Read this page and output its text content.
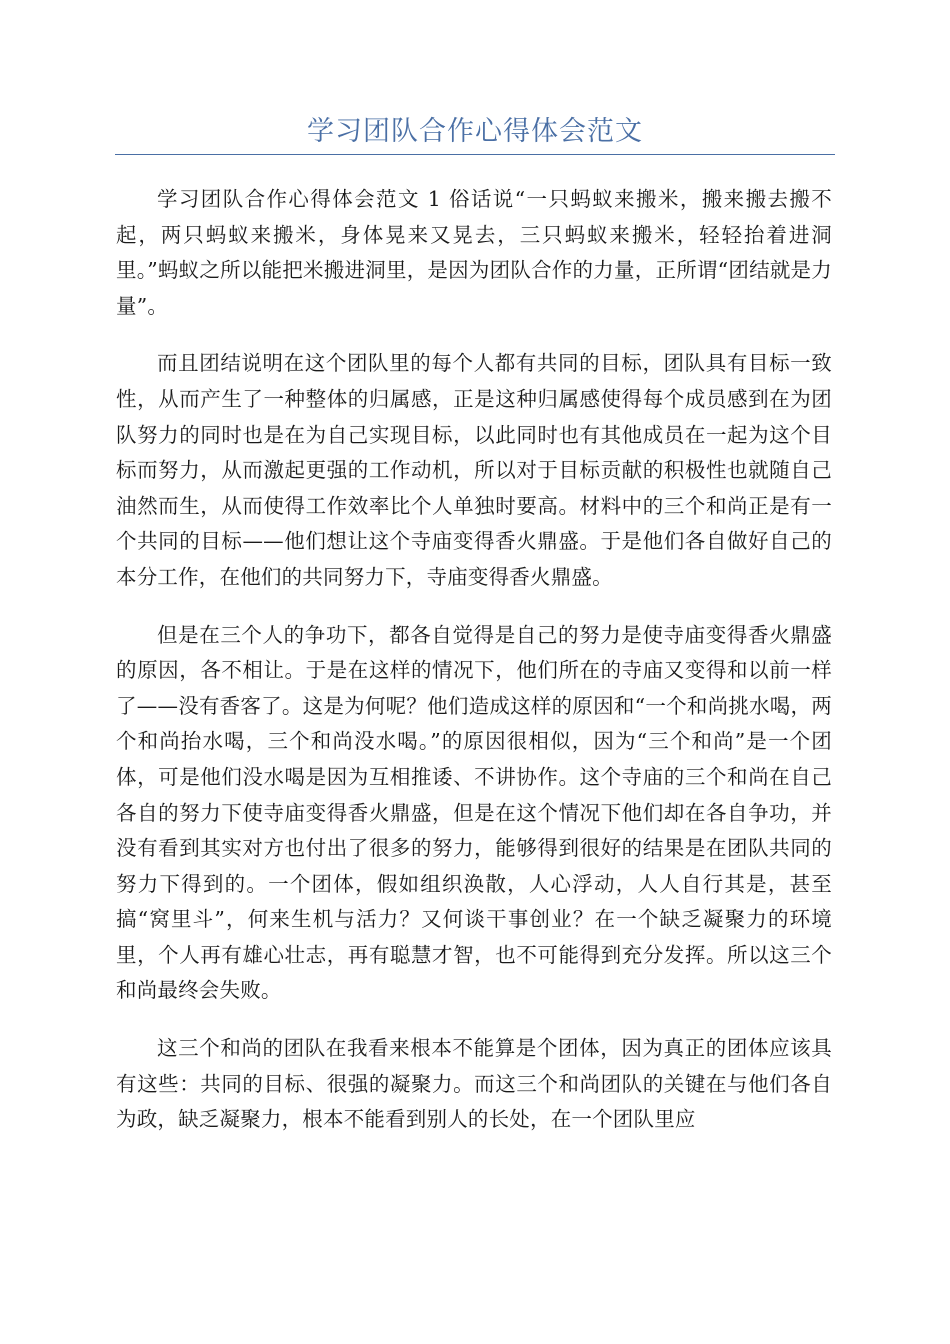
学习团队合作心得体会范文

学习团队合作心得体会范文 1 俗话说“一只蚂蚁来搬米，搬来搬去搬不起，两只蚂蚁来搬米，身体晃来又晃去，三只蚂蚁来搬米，轻轻抬着进洞里。”蚂蚁之所以能把米搬进洞里，是因为团队合作的力量，正所谓“团结就是力量”。

而且团结说明在这个团队里的每个人都有共同的目标，团队具有目标一致性，从而产生了一种整体的归属感，正是这种归属感使得每个成员感到在为团队努力的同时也是在为自己实现目标，以此同时也有其他成员在一起为这个目标而努力，从而激起更强的工作动机，所以对于目标贡献的积极性也就随自己油然而生，从而使得工作效率比个人单独时要高。材料中的三个和尚正是有一个共同的目标——他们想让这个寺庙变得香火鼎盛。于是他们各自做好自己的本分工作，在他们的共同努力下，寺庙变得香火鼎盛。

但是在三个人的争功下，都各自觉得是自己的努力是使寺庙变得香火鼎盛的原因，各不相让。于是在这样的情况下，他们所在的寺庙又变得和以前一样了——没有香客了。这是为何呢？他们造成这样的原因和“一个和尚挑水喝，两个和尚抬水喝，三个和尚没水喝。”的原因很相似，因为“三个和尚”是一个团体，可是他们没水喝是因为互相推诿、不讲协作。这个寺庙的三个和尚在自己各自的努力下使寺庙变得香火鼎盛，但是在这个情况下他们却在各自争功，并没有看到其实对方也付出了很多的努力，能够得到很好的结果是在团队共同的努力下得到的。一个团体，假如组织涣散，人心浮动，人人自行其是，甚至搞“窝里斗”，何来生机与活力？又何谈干事创业？在一个缺乏凝聚力的环境里，个人再有雄心壮志，再有聪慧才智，也不可能得到充分发挥。所以这三个和尚最终会失败。

这三个和尚的团队在我看来根本不能算是个团体，因为真正的团体应该具有这些：共同的目标、很强的凝聚力。而这三个和尚团队的关键在与他们各自为政，缺乏凝聚力，根本不能看到别人的长处，在一个团队里应
